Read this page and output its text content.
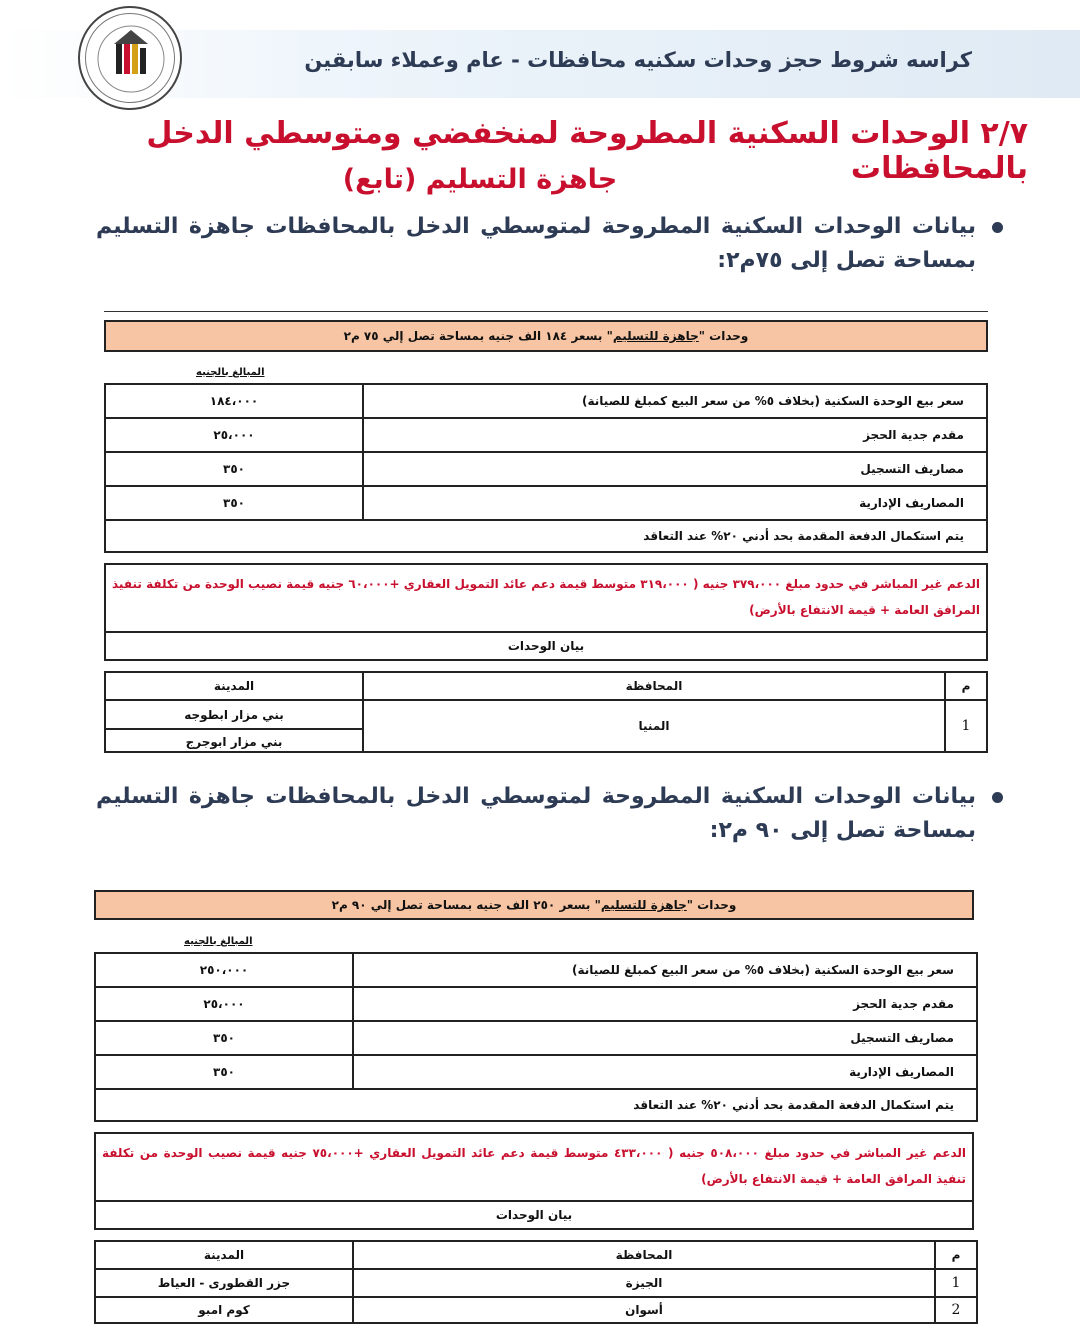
كراسه شروط حجز وحدات سكنيه محافظات - عام وعملاء سابقين
٢/٧ الوحدات السكنية المطروحة لمنخفضي ومتوسطي الدخل بالمحافظات
جاهزة التسليم (تابع)
بيانات الوحدات السكنية المطروحة لمتوسطي الدخل بالمحافظات جاهزة التسليم بمساحة تصل إلى ٧٥م٢:
وحدات "
جاهزة للتسليم
" بسعر ١٨٤ الف جنيه بمساحة تصل إلي ٧٥ م٢
المبالغ بالجنيه
سعر بيع الوحدة السكنية (بخلاف ٥% من سعر البيع كمبلغ للصيانة)
١٨٤،٠٠٠
مقدم جدية الحجز
٢٥،٠٠٠
مصاريف التسجيل
٣٥٠
المصاريف الإدارية
٣٥٠
يتم استكمال الدفعة المقدمة بحد أدني ٢٠% عند التعاقد
الدعم غير المباشر في حدود مبلغ ٣٧٩،٠٠٠ جنيه ( ٣١٩،٠٠٠ متوسط قيمة دعم عائد التمويل العقاري +٦٠،٠٠٠ جنيه قيمة نصيب الوحدة من تكلفة تنفيذ المرافق العامة + قيمة الانتفاع بالأرض)
بيان الوحدات
م
المحافظة
المدينة
1
المنيا
بني مزار ابطوجه
بني مزار ابوجرج
بيانات الوحدات السكنية المطروحة لمتوسطي الدخل بالمحافظات جاهزة التسليم بمساحة تصل إلى ٩٠ م٢:
وحدات "
جاهزة للتسليم
" بسعر ٢٥٠ الف جنيه بمساحة تصل إلي ٩٠ م٢
المبالغ بالجنيه
سعر بيع الوحدة السكنية (بخلاف ٥% من سعر البيع كمبلغ للصيانة)
٢٥٠،٠٠٠
مقدم جدية الحجز
٢٥،٠٠٠
مصاريف التسجيل
٣٥٠
المصاريف الإدارية
٣٥٠
يتم استكمال الدفعة المقدمة بحد أدني ٢٠% عند التعاقد
الدعم غير المباشر في حدود مبلغ ٥٠٨،٠٠٠ جنيه ( ٤٣٣،٠٠٠ متوسط قيمة دعم عائد التمويل العقاري +٧٥،٠٠٠ جنيه قيمة نصيب الوحدة من تكلفة تنفيذ المرافق العامة + قيمة الانتفاع بالأرض)
بيان الوحدات
م
المحافظة
المدينة
1
الجيزة
جزر القطورى - العياط
2
أسوان
كوم امبو
